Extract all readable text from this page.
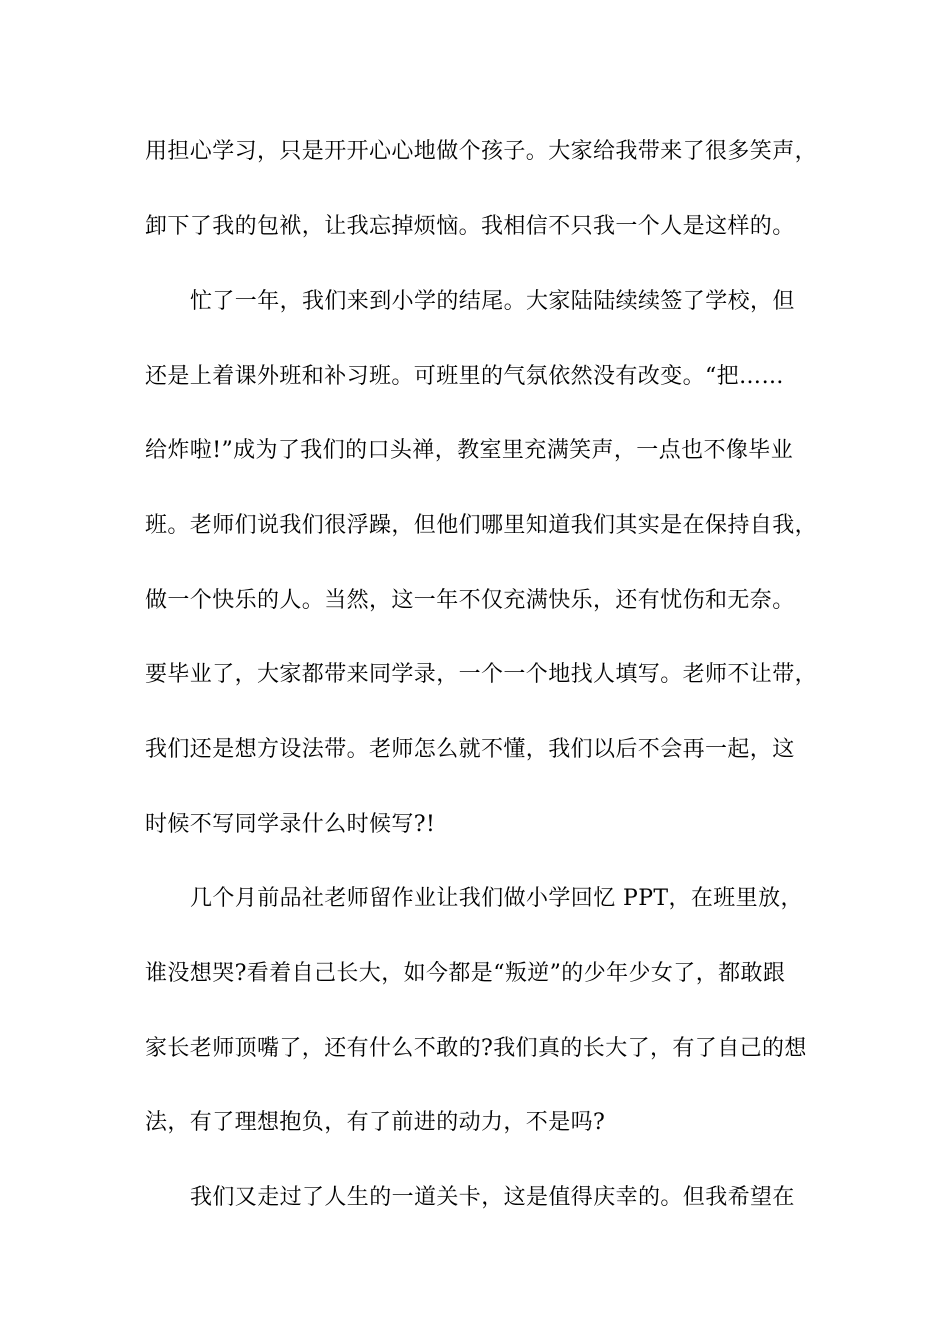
用担心学习，只是开开心心地做个孩子。大家给我带来了很多笑声，
卸下了我的包袱，让我忘掉烦恼。我相信不只我一个人是这样的。
忙了一年，我们来到小学的结尾。大家陆陆续续签了学校，但
还是上着课外班和补习班。可班里的气氛依然没有改变。“把……
给炸啦!”成为了我们的口头禅，教室里充满笑声，一点也不像毕业
班。老师们说我们很浮躁，但他们哪里知道我们其实是在保持自我，
做一个快乐的人。当然，这一年不仅充满快乐，还有忧伤和无奈。
要毕业了，大家都带来同学录，一个一个地找人填写。老师不让带，
我们还是想方设法带。老师怎么就不懂，我们以后不会再一起，这
时候不写同学录什么时候写?!
几个月前品社老师留作业让我们做小学回忆 PPT，在班里放，
谁没想哭?看着自己长大，如今都是“叛逆”的少年少女了，都敢跟
家长老师顶嘴了，还有什么不敢的?我们真的长大了，有了自己的想
法，有了理想抱负，有了前进的动力，不是吗?
我们又走过了人生的一道关卡，这是值得庆幸的。但我希望在
